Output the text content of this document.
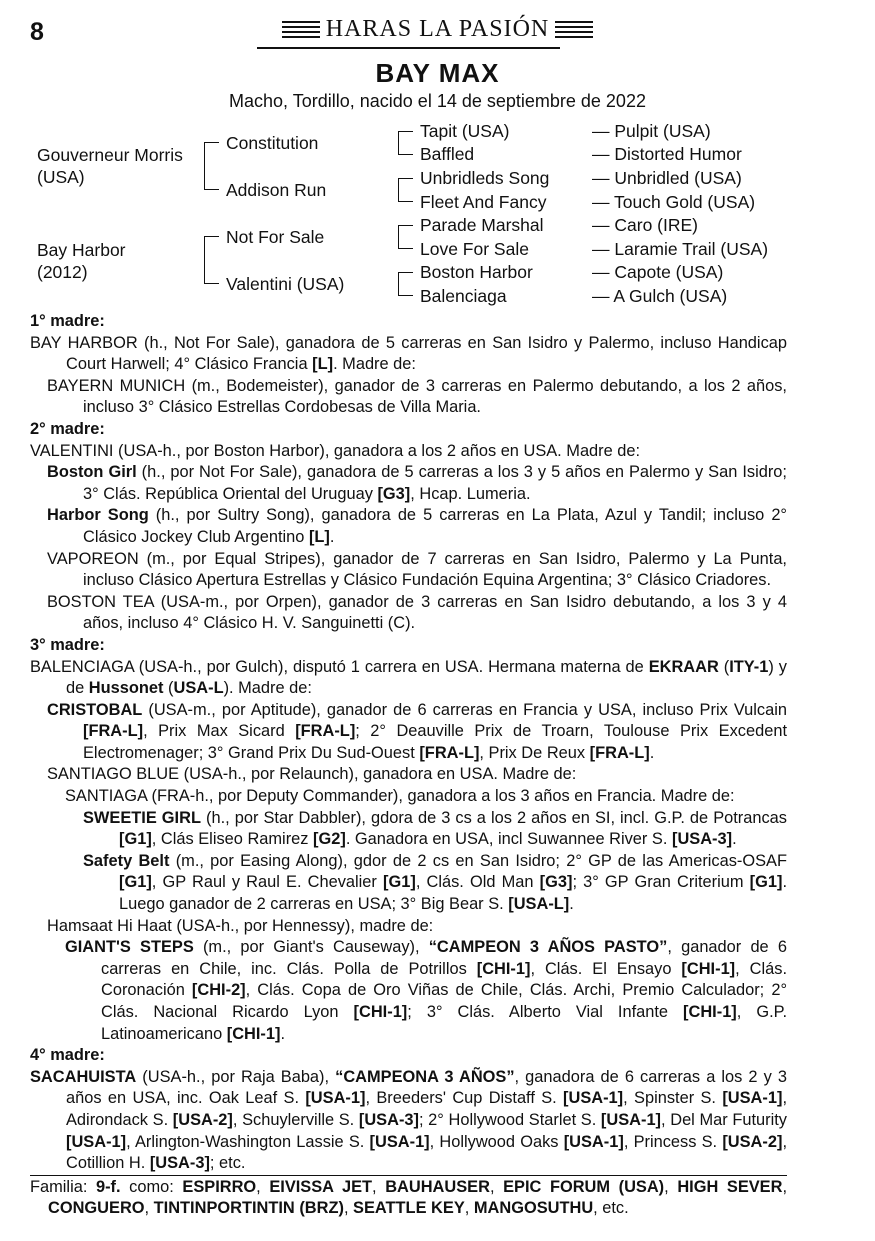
8	HARAS LA PASIÓN
BAY MAX
Macho, Tordillo, nacido el 14 de septiembre de 2022
Gouverneur Morris
(USA)
Bay Harbor
(2012)
Constitution
Addison Run
Not For Sale
Valentini (USA)
Tapit (USA)
Baffled
Unbridleds Song
Fleet And Fancy
Parade Marshal
Love For Sale
Boston Harbor
Balenciaga
— Pulpit (USA)
— Distorted Humor
— Unbridled (USA)
— Touch Gold (USA)
— Caro (IRE)
— Laramie Trail (USA)
— Capote (USA)
— A Gulch (USA)

1° madre:

BAY HARBOR (h., Not For Sale), ganadora de 5 carreras en San Isidro y Palermo, incluso Handicap Court Harwell; 4° Clásico Francia [L]. Madre de:

BAYERN MUNICH (m., Bodemeister), ganador de 3 carreras en Palermo debutando, a los 2 años, incluso 3° Clásico Estrellas Cordobesas de Villa Maria.

2° madre:

VALENTINI (USA-h., por Boston Harbor), ganadora a los 2 años en USA. Madre de:

Boston Girl (h., por Not For Sale), ganadora de 5 carreras a los 3 y 5 años en Palermo y San Isidro; 3° Clás. República Oriental del Uruguay [G3], Hcap. Lumeria.

Harbor Song (h., por Sultry Song), ganadora de 5 carreras en La Plata, Azul y Tandil; incluso 2° Clásico Jockey Club Argentino [L].

VAPOREON (m., por Equal Stripes), ganador de 7 carreras en San Isidro, Palermo y La Punta, incluso Clásico Apertura Estrellas y Clásico Fundación Equina Argentina; 3° Clásico Criadores.

BOSTON TEA (USA-m., por Orpen), ganador de 3 carreras en San Isidro debutando, a los 3 y 4 años, incluso 4° Clásico H. V. Sanguinetti (C).

3° madre:

BALENCIAGA (USA-h., por Gulch), disputó 1 carrera en USA. Hermana materna de EKRAAR (ITY-1) y de Hussonet (USA-L). Madre de:

CRISTOBAL (USA-m., por Aptitude), ganador de 6 carreras en Francia y USA, incluso Prix Vulcain [FRA-L], Prix Max Sicard [FRA-L]; 2° Deauville Prix de Troarn, Toulouse Prix Excedent Electromenager; 3° Grand Prix Du Sud-Ouest [FRA-L], Prix De Reux [FRA-L].

SANTIAGO BLUE (USA-h., por Relaunch), ganadora en USA. Madre de:

SANTIAGA (FRA-h., por Deputy Commander), ganadora a los 3 años en Francia. Madre de:

SWEETIE GIRL (h., por Star Dabbler), gdora de 3 cs a los 2 años en SI, incl. G.P. de Potrancas [G1], Clás Eliseo Ramirez [G2]. Ganadora en USA, incl Suwannee River S. [USA-3].

Safety Belt (m., por Easing Along), gdor de 2 cs en San Isidro; 2° GP de las Americas-OSAF [G1], GP Raul y Raul E. Chevalier [G1], Clás. Old Man [G3]; 3° GP Gran Criterium [G1]. Luego ganador de 2 carreras en USA; 3° Big Bear S. [USA-L].

Hamsaat Hi Haat (USA-h., por Hennessy), madre de:

GIANT'S STEPS (m., por Giant's Causeway), “CAMPEON 3 AÑOS PASTO”, ganador de 6 carreras en Chile, inc. Clás. Polla de Potrillos [CHI-1], Clás. El Ensayo [CHI-1], Clás. Coronación [CHI-2], Clás. Copa de Oro Viñas de Chile, Clás. Archi, Premio Calculador; 2° Clás. Nacional Ricardo Lyon [CHI-1]; 3° Clás. Alberto Vial Infante [CHI-1], G.P. Latinoamericano [CHI-1].

4° madre:

SACAHUISTA (USA-h., por Raja Baba), “CAMPEONA 3 AÑOS”, ganadora de 6 carreras a los 2 y 3 años en USA, inc. Oak Leaf S. [USA-1], Breeders' Cup Distaff S. [USA-1], Spinster S. [USA-1], Adirondack S. [USA-2], Schuylerville S. [USA-3]; 2° Hollywood Starlet S. [USA-1], Del Mar Futurity [USA-1], Arlington-Washington Lassie S. [USA-1], Hollywood Oaks [USA-1], Princess S. [USA-2], Cotillion H. [USA-3]; etc.

Familia: 9-f. como: ESPIRRO, EIVISSA JET, BAUHAUSER, EPIC FORUM (USA), HIGH SEVER, CONGUERO, TINTINPORTINTIN (BRZ), SEATTLE KEY, MANGOSUTHU, etc.
